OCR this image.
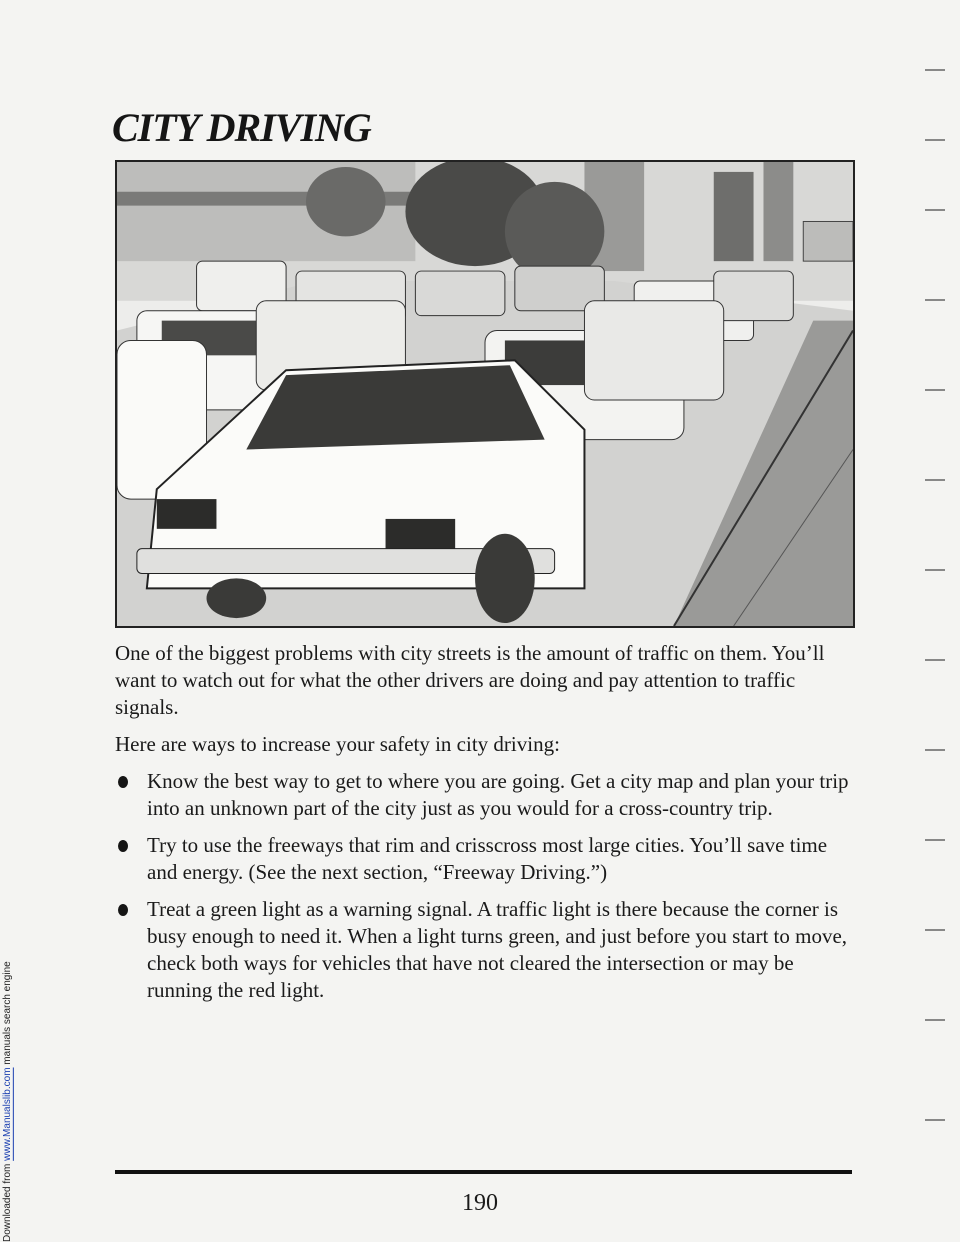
Downloaded from www.Manualslib.com manuals search engine
CITY DRIVING

One of the biggest problems with city streets is the amount of traffic on them. You’ll want to watch out for what the other drivers are doing and pay attention to traffic signals.

Here are ways to increase your safety in city driving:

Know the best way to get to where you are going. Get a city map and plan your trip into an unknown part of the city just as you would for a cross-country trip.
Try to use the freeways that rim and crisscross most large cities. You’ll save time and energy. (See the next section, “Freeway Driving.”)
Treat a green light as a warning signal. A traffic light is there because the corner is busy enough to need it. When a light turns green, and just before you start to move, check both ways for vehicles that have not cleared the intersection or may be running the red light.
190
